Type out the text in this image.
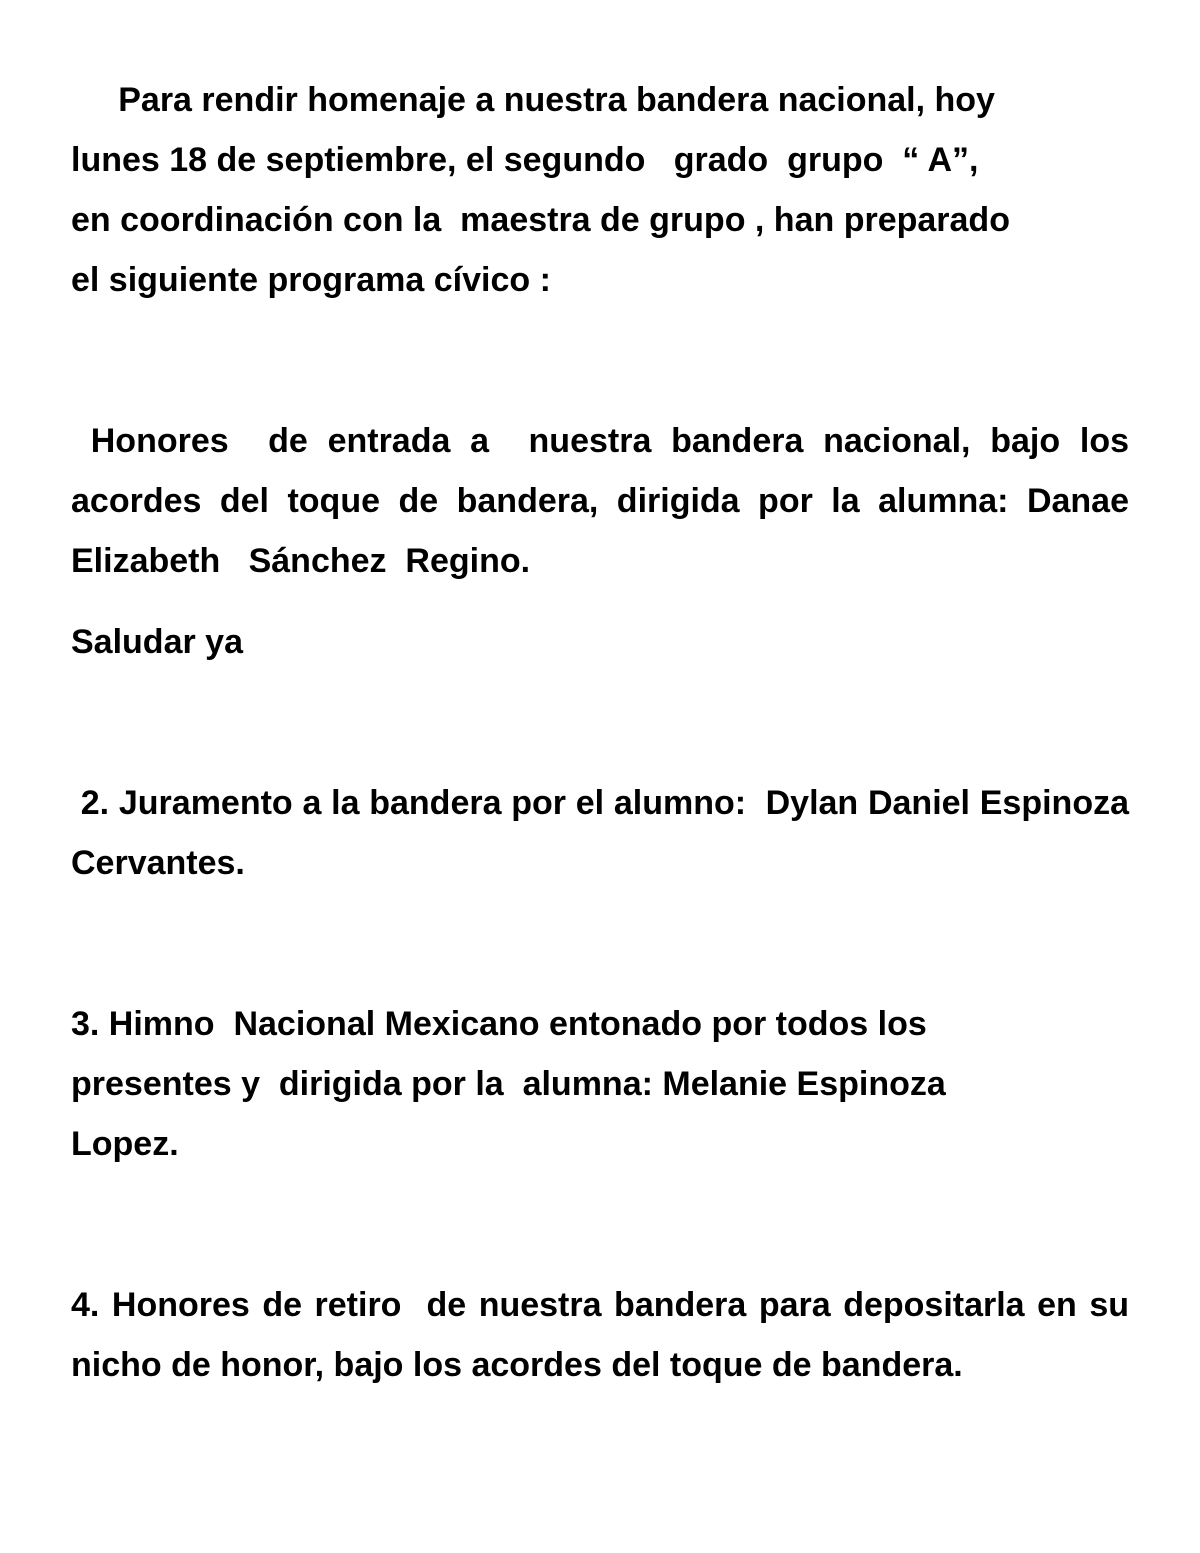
Para rendir homenaje a nuestra bandera nacional, hoy
lunes 18 de septiembre, el segundo   grado  grupo  “ A”,
en coordinación con la  maestra de grupo , han preparado
el siguiente programa cívico :

Honores  de entrada a  nuestra bandera nacional, bajo los acordes del toque de bandera, dirigida por la alumna: Danae  Elizabeth   Sánchez  Regino.

Saludar ya

2. Juramento a la bandera por el alumno:  Dylan Daniel Espinoza Cervantes.

3. Himno  Nacional Mexicano entonado por todos los
presentes y  dirigida por la  alumna: Melanie Espinoza
Lopez.

4. Honores de retiro  de nuestra bandera para depositarla en su nicho de honor, bajo los acordes del toque de bandera.
